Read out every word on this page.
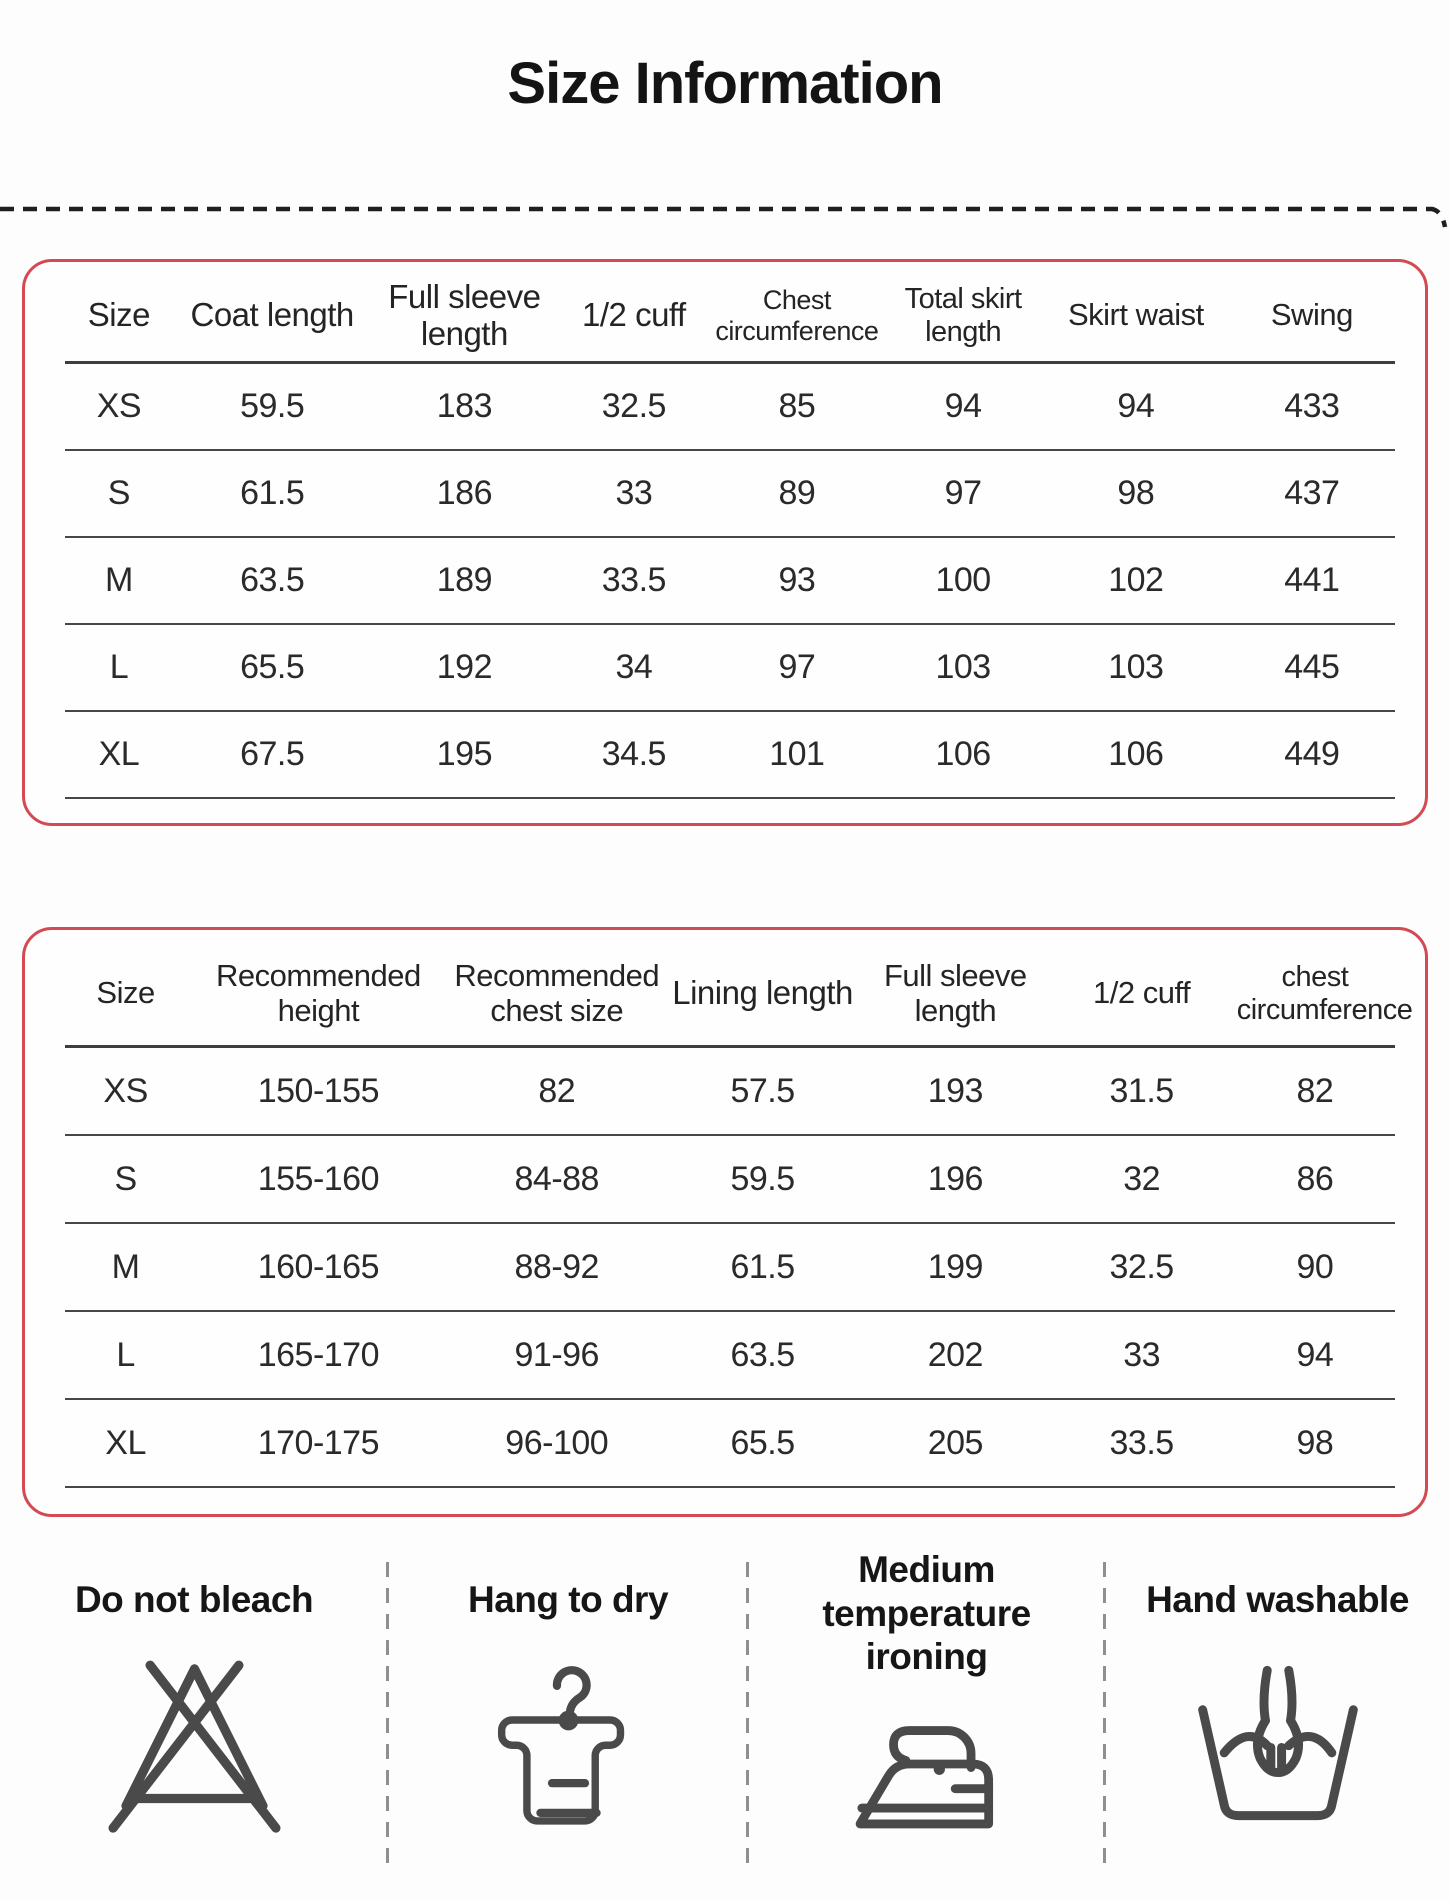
Size Information
Size	Coat length	Full sleeve length	1/2 cuff	Chest circumference	Total skirt length	Skirt waist	Swing
XS	59.5	183	32.5	85	94	94	433
S	61.5	186	33	89	97	98	437
M	63.5	189	33.5	93	100	102	441
L	65.5	192	34	97	103	103	445
XL	67.5	195	34.5	101	106	106	449
Size	Recommended height	Recommended chest size	Lining length	Full sleeve length	1/2 cuff	chest circumference
XS	150-155	82	57.5	193	31.5	82
S	155-160	84-88	59.5	196	32	86
M	160-165	88-92	61.5	199	32.5	90
L	165-170	91-96	63.5	202	33	94
XL	170-175	96-100	65.5	205	33.5	98
Do not bleach	Hang to dry
Medium temperature ironing
Hand washable
